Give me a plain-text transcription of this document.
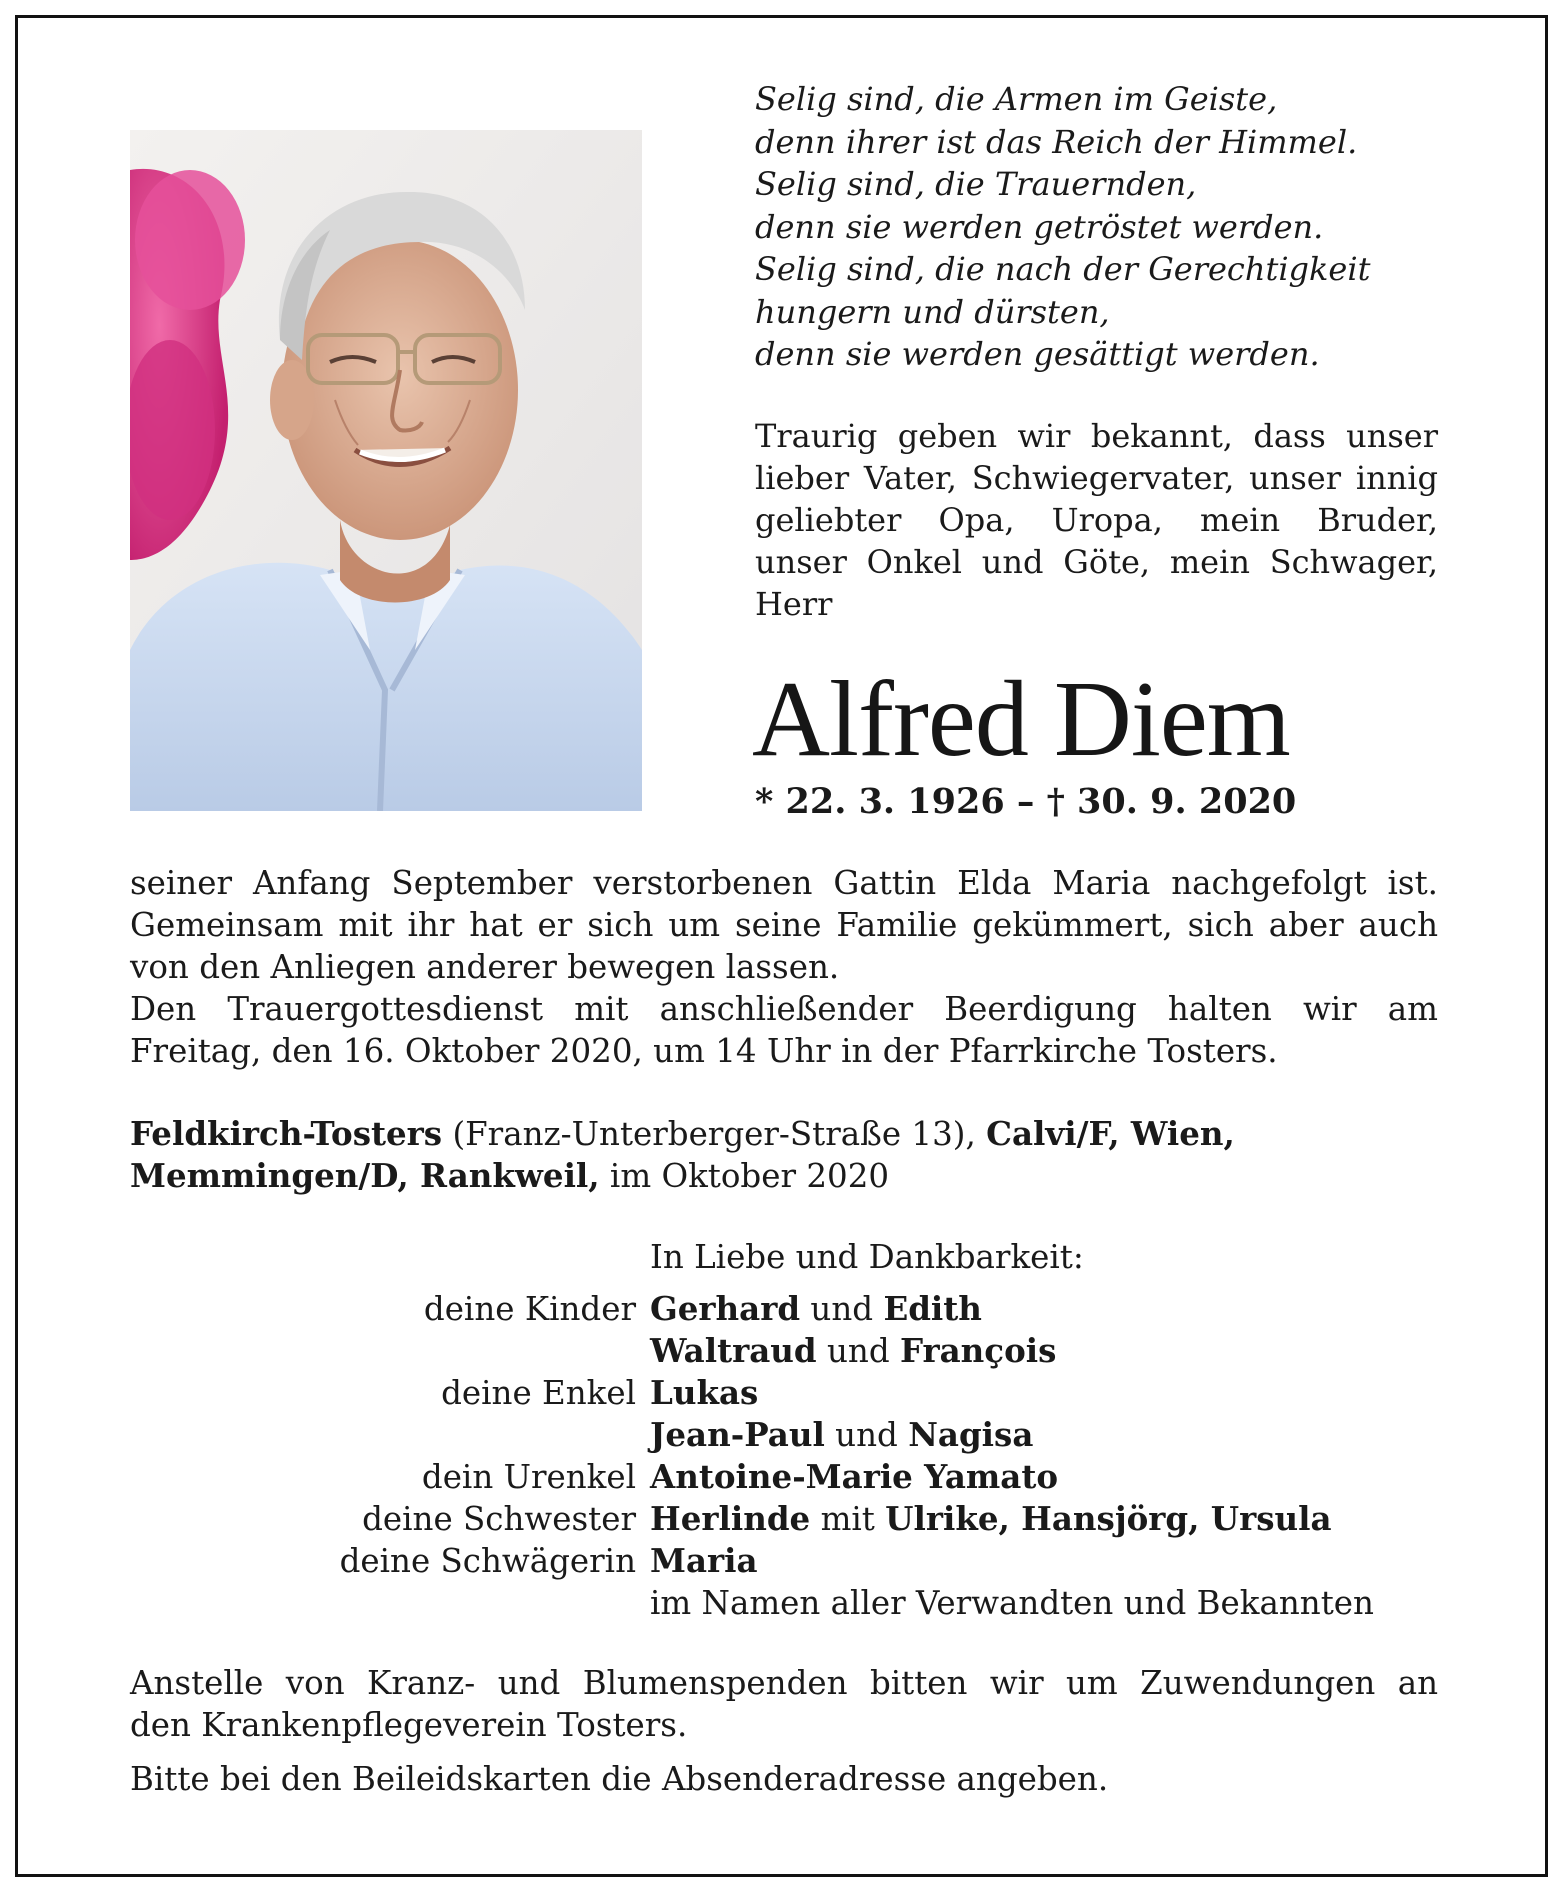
Selig sind, die Armen im Geiste,
denn ihrer ist das Reich der Himmel.
Selig sind, die Trauernden,
denn sie werden getröstet werden.
Selig sind, die nach der Gerechtigkeit
hungern und dürsten,
denn sie werden gesättigt werden.
Traurig geben wir bekannt, dass unser
lieber Vater, Schwiegervater, unser innig
geliebter Opa, Uropa, mein Bruder,
unser Onkel und Göte, mein Schwager,
Herr
Alfred Diem
* 22. 3. 1926 – † 30. 9. 2020
seiner Anfang September verstorbenen Gattin Elda Maria nachgefolgt ist.
Gemeinsam mit ihr hat er sich um seine Familie gekümmert, sich aber auch
von den Anliegen anderer bewegen lassen.
Den Trauergottesdienst mit anschließender Beerdigung halten wir am
Freitag, den 16. Oktober 2020, um 14 Uhr in der Pfarrkirche Tosters.
Feldkirch-Tosters (Franz-Unterberger-Straße 13), Calvi/F, Wien,
Memmingen/D, Rankweil, im Oktober 2020
In Liebe und Dankbarkeit:
deine Kinder Gerhard und Edith
Waltraud und François
deine Enkel Lukas
Jean-Paul und Nagisa
dein Urenkel Antoine-Marie Yamato
deine Schwester Herlinde mit Ulrike, Hansjörg, Ursula
deine Schwägerin Maria
im Namen aller Verwandten und Bekannten
Anstelle von Kranz- und Blumenspenden bitten wir um Zuwendungen an
den Krankenpflegeverein Tosters.
Bitte bei den Beileidskarten die Absenderadresse angeben.
